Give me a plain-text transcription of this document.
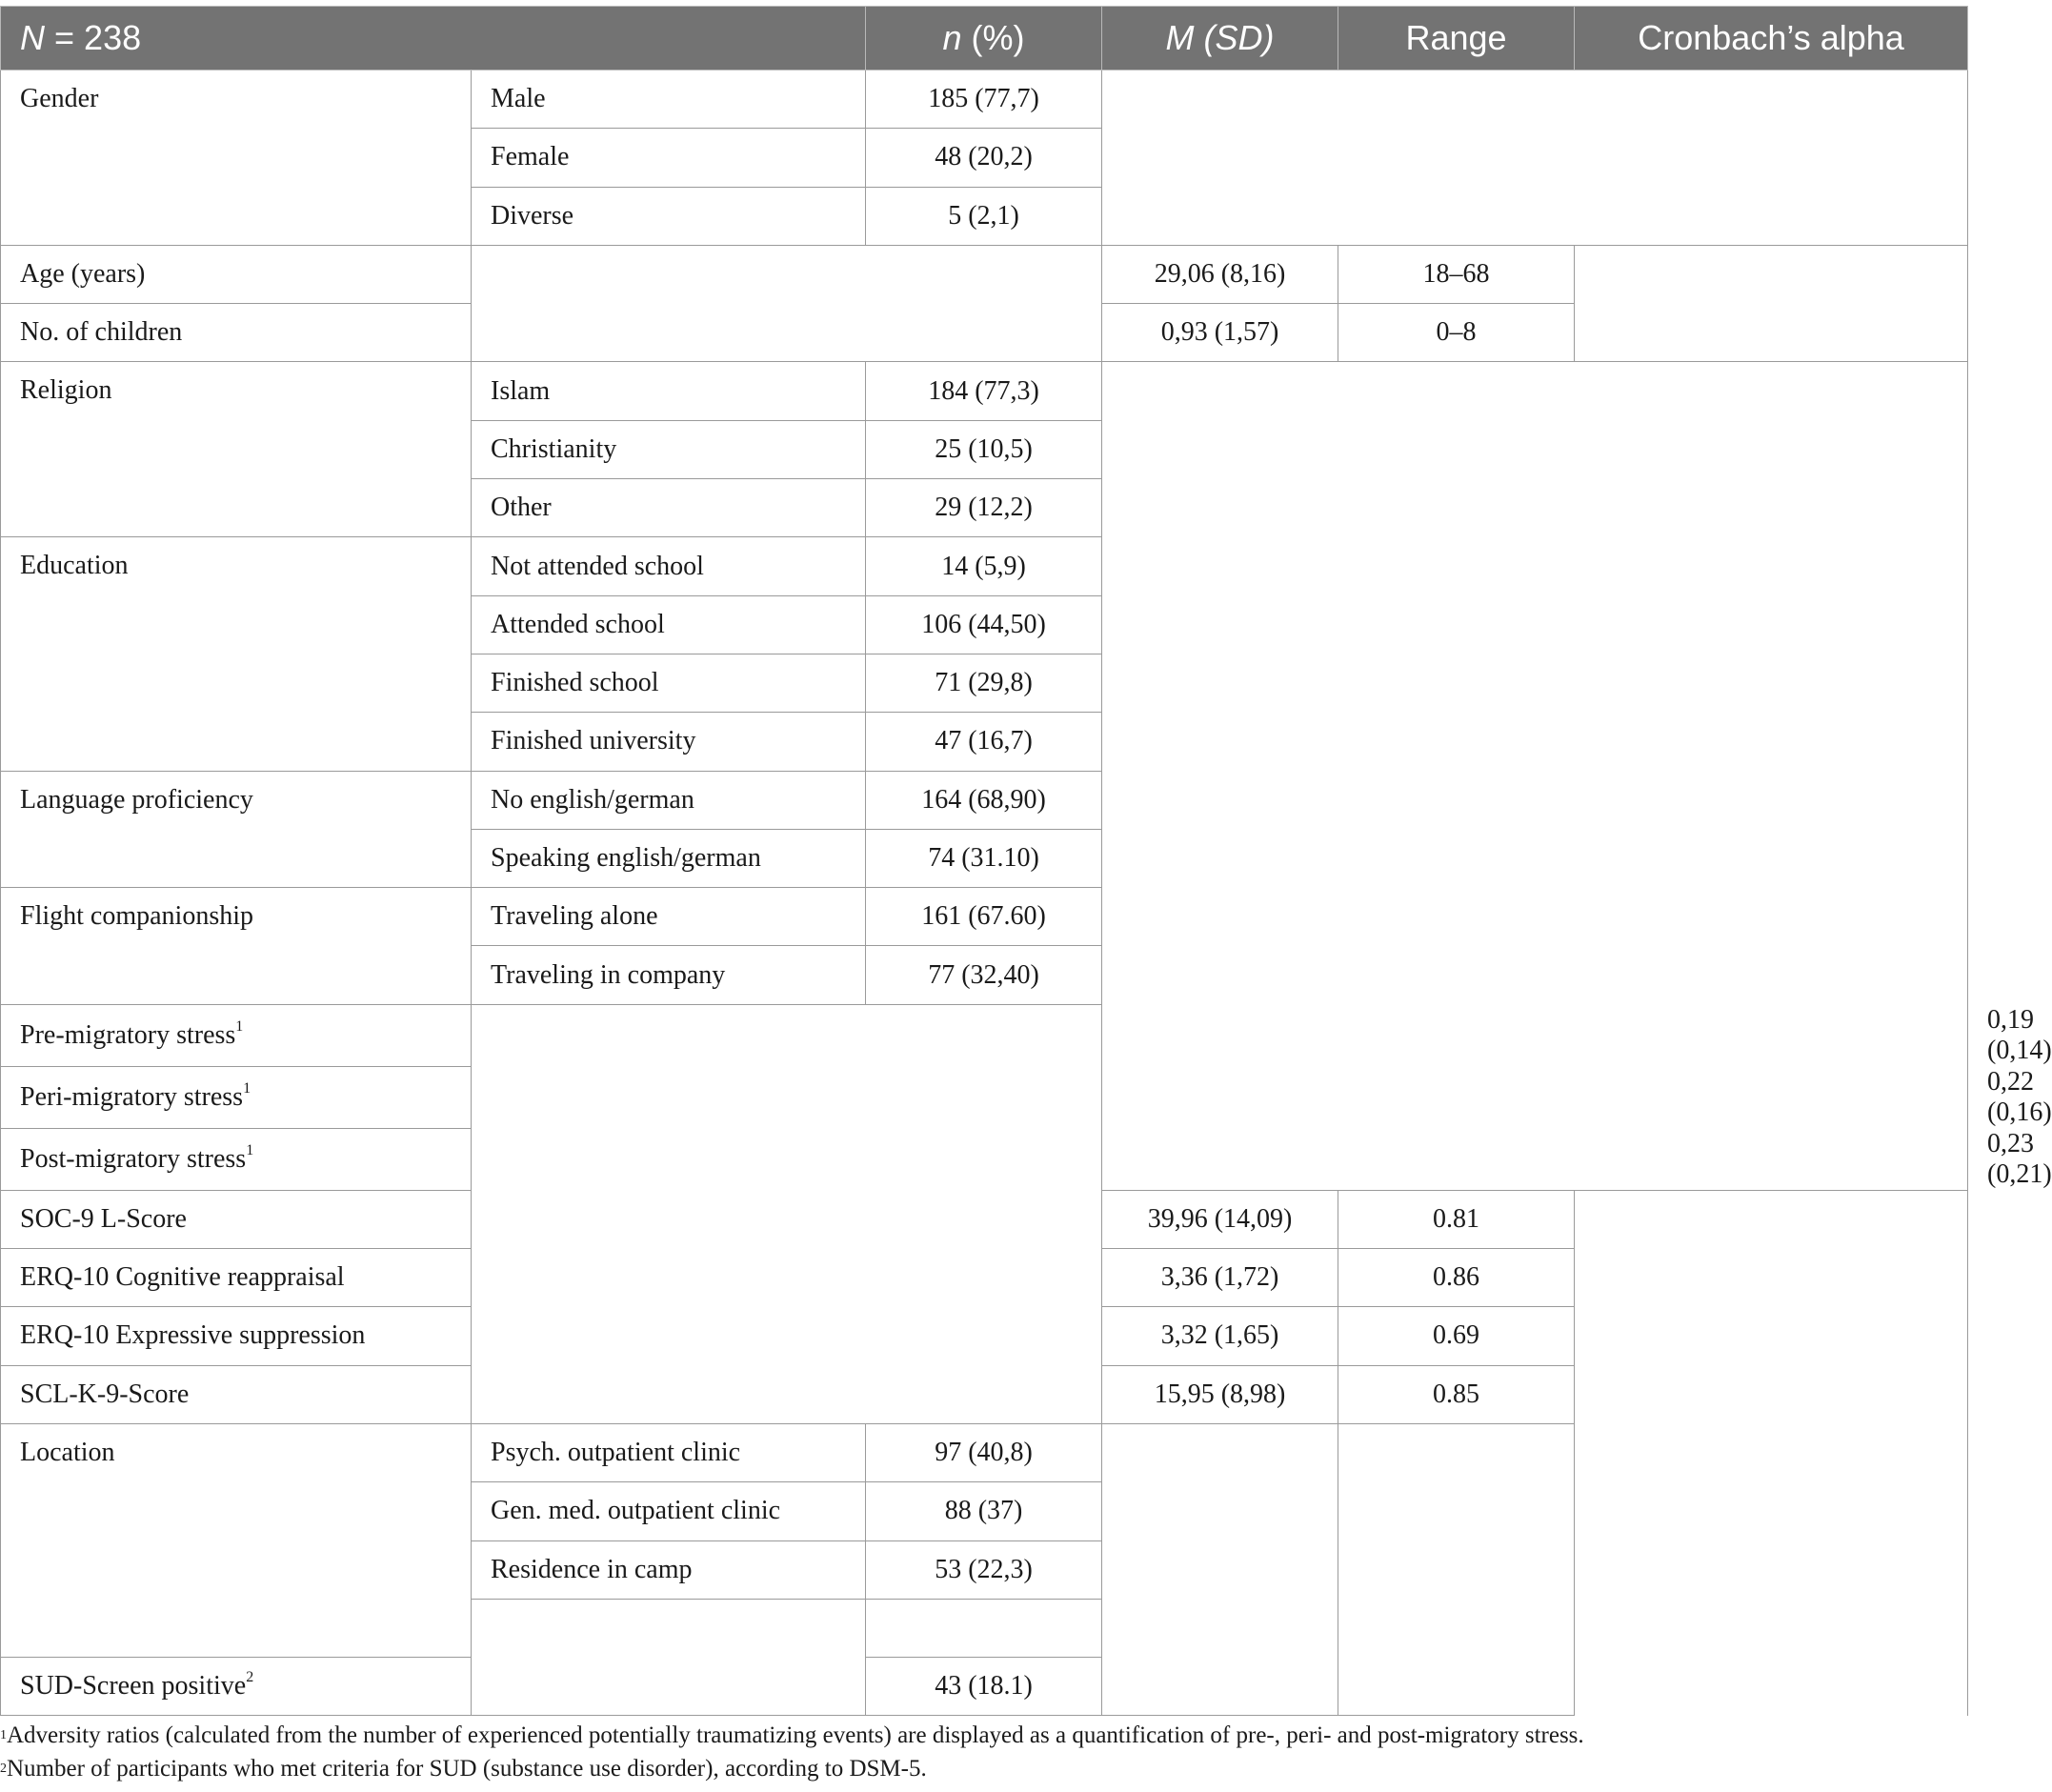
N = 238		n (%)	M (SD)	Range	Cronbach’s alpha	
Gender	Male	185 (77,7)				
	Female	48 (20,2)				
	Diverse	5 (2,1)				
Age (years)			29,06 (8,16)	18–68		
No. of children			0,93 (1,57)	0–8		
Religion	Islam	184 (77,3)				
	Christianity	25 (10,5)				
	Other	29 (12,2)				
Education	Not attended school	14 (5,9)				
	Attended school	106 (44,50)				
	Finished school	71 (29,8)				
	Finished university	47 (16,7)				
Language proficiency	No english/german	164 (68,90)				
	Speaking english/german	74 (31.10)				
Flight companionship	Traveling alone	161 (67.60)				
	Traveling in company	77 (32,40)				
Pre-migratory stress$^1$						0,19 (0,14)		
Peri-migratory stress$^1$						0,22 (0,16)	
Post-migratory stress$^1$						0,23 (0,21)	
SOC-9 L-Score			39,96 (14,09)	0.81		
ERQ-10 Cognitive reappraisal			3,36 (1,72)	0.86		
ERQ-10 Expressive suppression			3,32 (1,65)	0.69		
SCL-K-9-Score			15,95 (8,98)	0.85		
Location	Psych. outpatient clinic	97 (40,8)				
	Gen. med. outpatient clinic	88 (37)				
	Residence in camp	53 (22,3)				

SUD-Screen positive$^2$		43 (18.1)				
$^1$Adversity ratios (calculated from the number of experienced potentially traumatizing events) are displayed as a quantification of pre-, peri- and post-migratory stress.
$^2$Number of participants who met criteria for SUD (substance use disorder), according to DSM-5.
